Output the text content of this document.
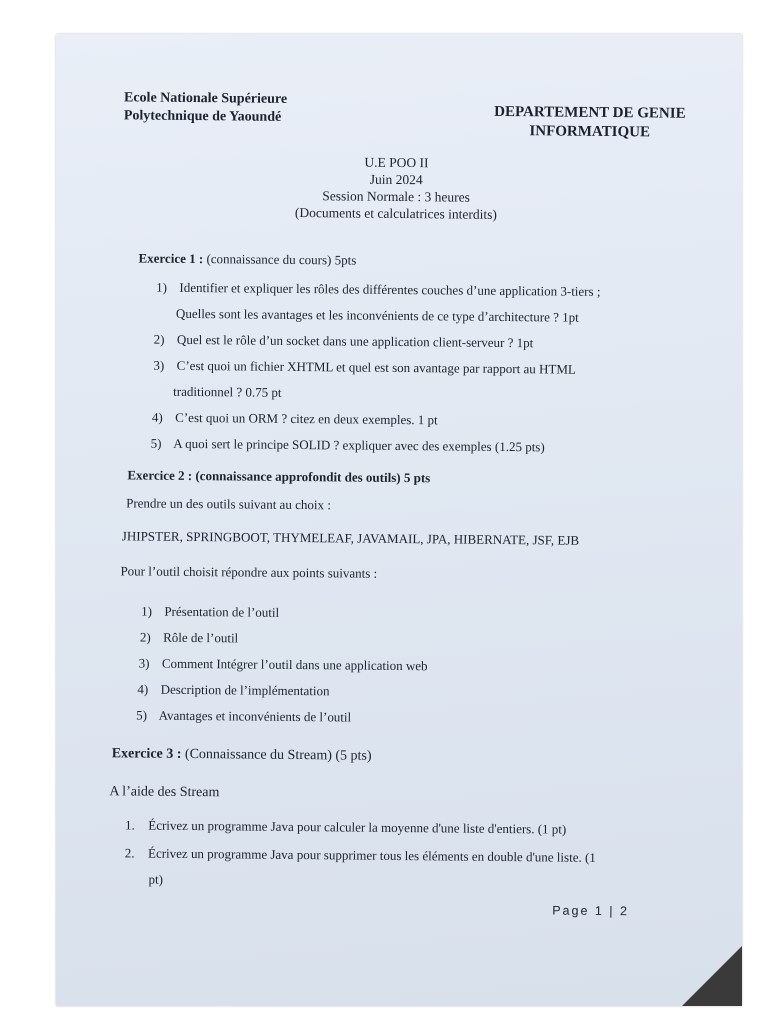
Ecole Nationale Supérieure
Polytechnique de Yaoundé	DEPARTEMENT DE GENIE
INFORMATIQUE
U.E POO II
Juin 2024
Session Normale : 3 heures
(Documents et calculatrices interdits)
Exercice 1 : (connaissance du cours) 5pts
1) Identifier et expliquer les rôles des différentes couches d’une application 3-tiers ;
Quelles sont les avantages et les inconvénients de ce type d’architecture ? 1pt
2) Quel est le rôle d’un socket dans une application client-serveur ? 1pt
3) C’est quoi un fichier XHTML et quel est son avantage par rapport au HTML
traditionnel ? 0.75 pt
4) C’est quoi un ORM ? citez en deux exemples. 1 pt
5) A quoi sert le principe SOLID ? expliquer avec des exemples (1.25 pts)
Exercice 2 : (connaissance approfondit des outils) 5 pts
Prendre un des outils suivant au choix :
JHIPSTER, SPRINGBOOT, THYMELEAF, JAVAMAIL, JPA, HIBERNATE, JSF, EJB
Pour l’outil choisit répondre aux points suivants :
1) Présentation de l’outil
2) Rôle de l’outil
3) Comment Intégrer l’outil dans une application web
4) Description de l’implémentation
5) Avantages et inconvénients de l’outil
Exercice 3 : (Connaissance du Stream) (5 pts)
A l’aide des Stream
1. Écrivez un programme Java pour calculer la moyenne d'une liste d'entiers. (1 pt)
2. Écrivez un programme Java pour supprimer tous les éléments en double d'une liste. (1
pt)
Page 1 | 2
